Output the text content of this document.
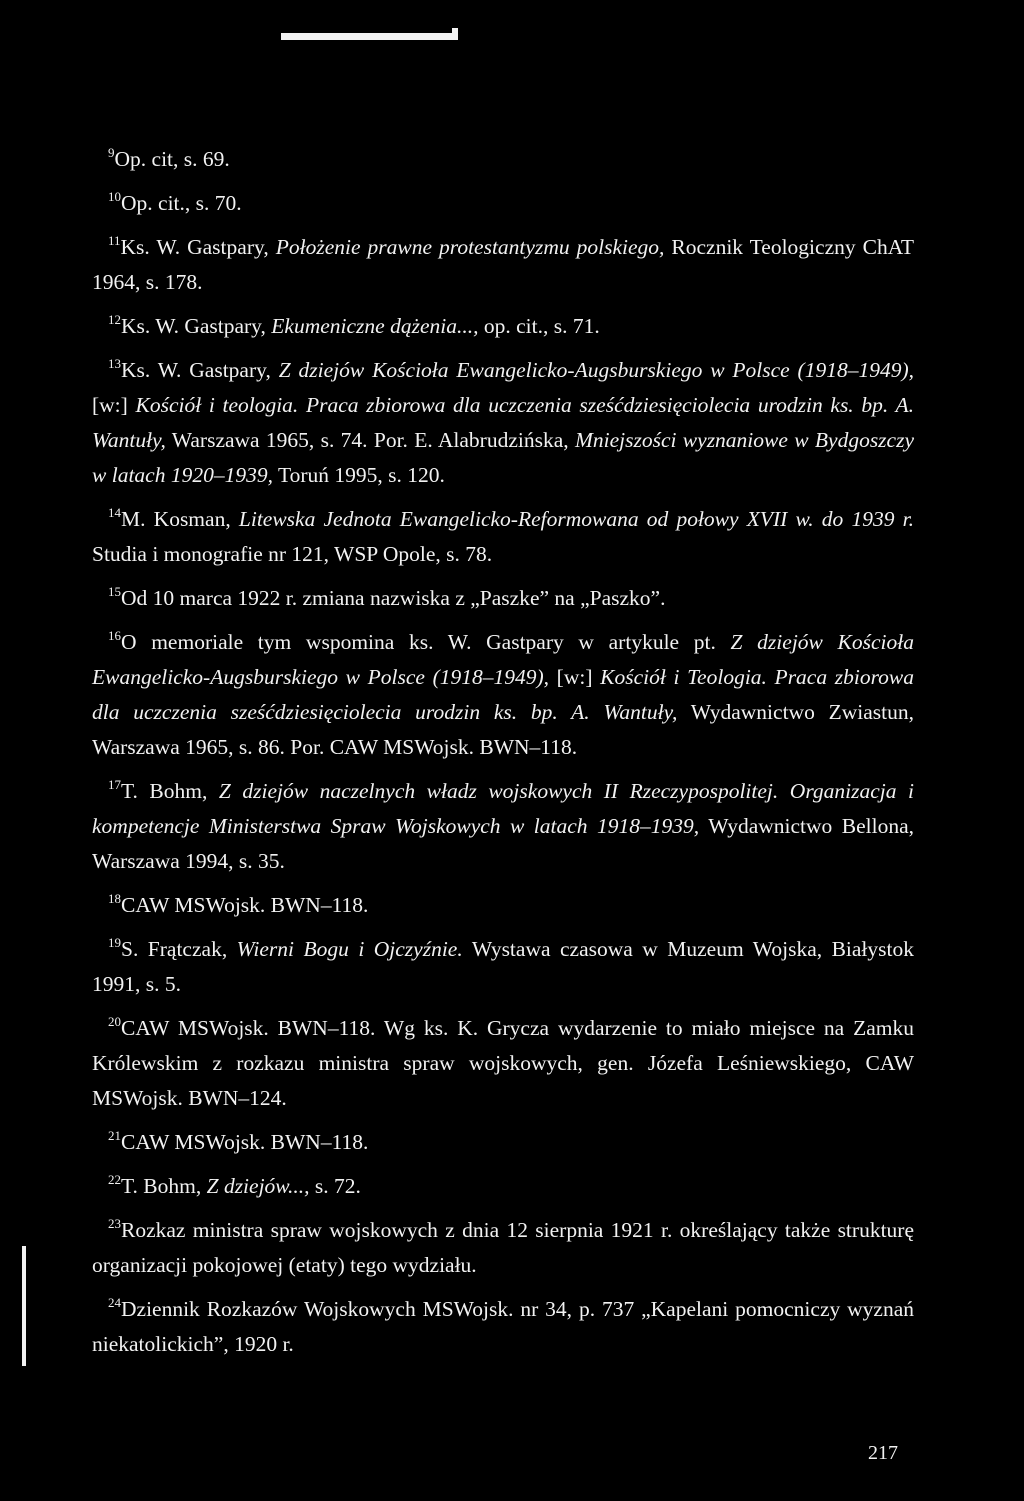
$^9$Op. cit, s. 69.

$^{10}$Op. cit., s. 70.

$^{11}$Ks. W. Gastpary, Położenie prawne protestantyzmu polskiego, Rocznik Teologiczny ChAT 1964, s. 178.

$^{12}$Ks. W. Gastpary, Ekumeniczne dążenia..., op. cit., s. 71.

$^{13}$Ks. W. Gastpary, Z dziejów Kościoła Ewangelicko-Augsburskiego w Polsce (1918–1949), [w:] Kościół i teologia. Praca zbiorowa dla uczczenia sześćdziesięciolecia urodzin ks. bp. A. Wantuły, Warszawa 1965, s. 74. Por. E. Alabrudzińska, Mniejszości wyznaniowe w Bydgoszczy w latach 1920–1939, Toruń 1995, s. 120.

$^{14}$M. Kosman, Litewska Jednota Ewangelicko-Reformowana od połowy XVII w. do 1939 r. Studia i monografie nr 121, WSP Opole, s. 78.

$^{15}$Od 10 marca 1922 r. zmiana nazwiska z „Paszke” na „Paszko”.

$^{16}$O memoriale tym wspomina ks. W. Gastpary w artykule pt. Z dziejów Kościoła Ewangelicko-Augsburskiego w Polsce (1918–1949), [w:] Kościół i Teologia. Praca zbiorowa dla uczczenia sześćdziesięciolecia urodzin ks. bp. A. Wantuły, Wydawnictwo Zwiastun, Warszawa 1965, s. 86. Por. CAW MSWojsk. BWN–118.

$^{17}$T. Bohm, Z dziejów naczelnych władz wojskowych II Rzeczypospolitej. Organizacja i kompetencje Ministerstwa Spraw Wojskowych w latach 1918–1939, Wydawnictwo Bellona, Warszawa 1994, s. 35.

$^{18}$CAW MSWojsk. BWN–118.

$^{19}$S. Frątczak, Wierni Bogu i Ojczyźnie. Wystawa czasowa w Muzeum Wojska, Białystok 1991, s. 5.

$^{20}$CAW MSWojsk. BWN–118. Wg ks. K. Grycza wydarzenie to miało miejsce na Zamku Królewskim z rozkazu ministra spraw wojskowych, gen. Józefa Leśniewskiego, CAW MSWojsk. BWN–124.

$^{21}$CAW MSWojsk. BWN–118.

$^{22}$T. Bohm, Z dziejów..., s. 72.

$^{23}$Rozkaz ministra spraw wojskowych z dnia 12 sierpnia 1921 r. określający także strukturę organizacji pokojowej (etaty) tego wydziału.

$^{24}$Dziennik Rozkazów Wojskowych MSWojsk. nr 34, p. 737 „Kapelani pomocniczy wyznań niekatolickich”, 1920 r.

217
